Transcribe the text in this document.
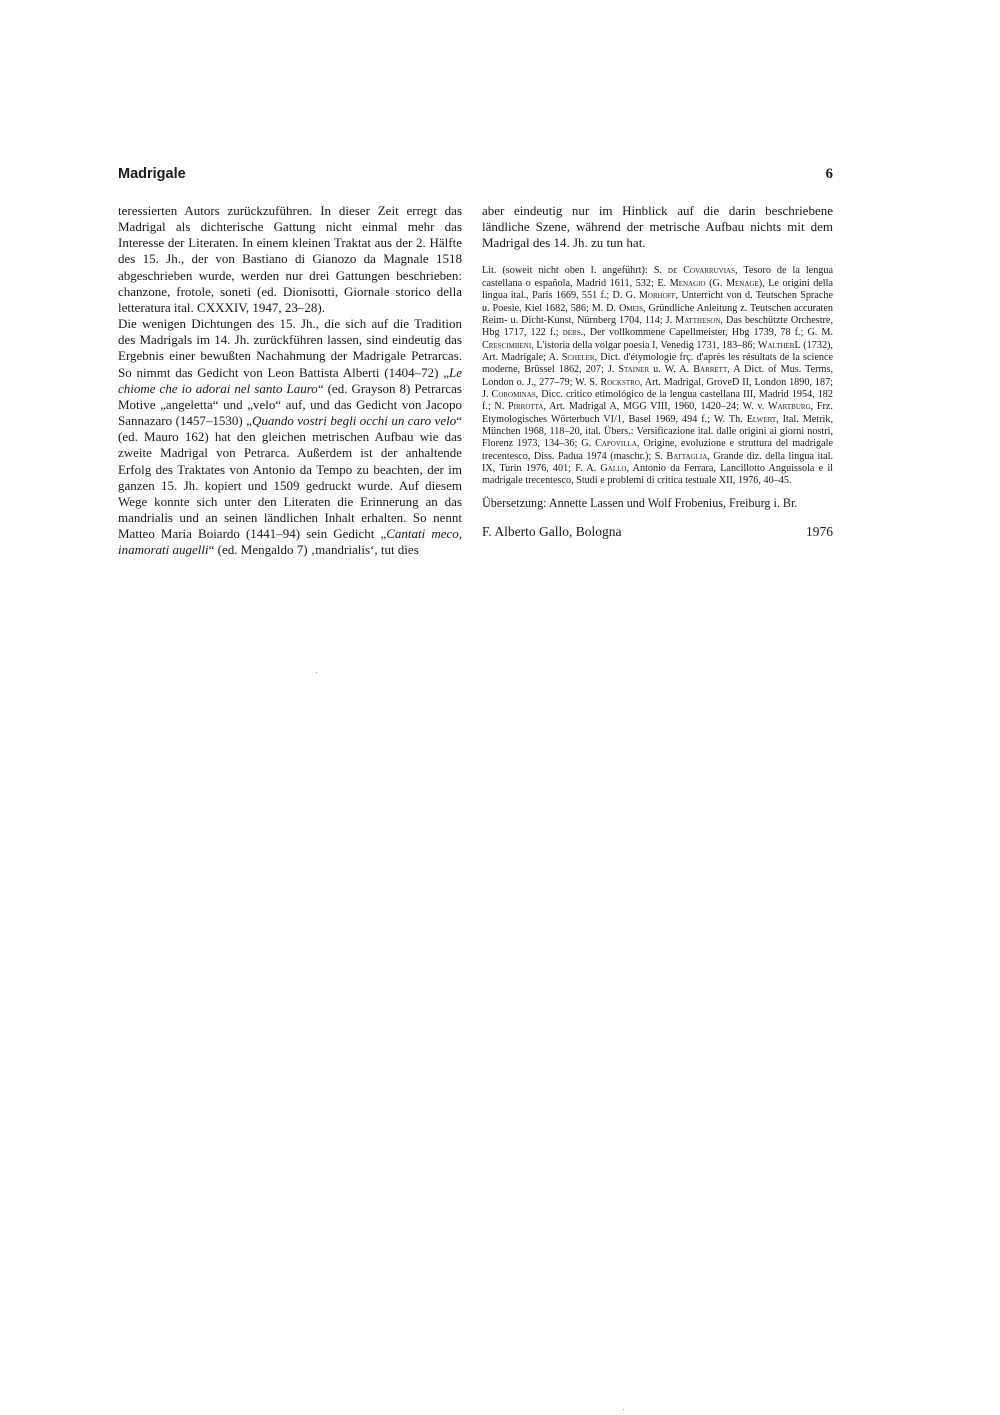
Madrigale	6

teressierten Autors zurückzuführen. In dieser Zeit erregt das Madrigal als dichterische Gattung nicht einmal mehr das Interesse der Literaten. In einem kleinen Traktat aus der 2. Hälfte des 15. Jh., der von Bastiano di Gianozo da Magnale 1518 abgeschrieben wurde, werden nur drei Gattungen beschrieben: chanzone, frotole, soneti (ed. Dionisotti, Giornale storico della letteratura ital. CXXXIV, 1947, 23–28).

Die wenigen Dichtungen des 15. Jh., die sich auf die Tradition des Madrigals im 14. Jh. zurückführen lassen, sind eindeutig das Ergebnis einer bewußten Nachahmung der Madrigale Petrarcas. So nimmt das Gedicht von Leon Battista Alberti (1404–72) „Le chiome che io adorai nel santo Lauro“ (ed. Grayson 8) Petrarcas Motive „angeletta“ und „velo“ auf, und das Gedicht von Jacopo Sannazaro (1457–1530) „Quando vostri begli occhi un caro velo“ (ed. Mauro 162) hat den gleichen metrischen Aufbau wie das zweite Madrigal von Petrarca. Außerdem ist der anhaltende Erfolg des Traktates von Antonio da Tempo zu beachten, der im ganzen 15. Jh. kopiert und 1509 gedruckt wurde. Auf diesem Wege konnte sich unter den Literaten die Erinnerung an das mandrialis und an seinen ländlichen Inhalt erhalten. So nennt Matteo Maria Boiardo (1441–94) sein Gedicht „Cantati meco, inamorati augelli“ (ed. Mengaldo 7) ‚mandrialis‘, tut dies

aber eindeutig nur im Hinblick auf die darin beschriebene ländliche Szene, während der metrische Aufbau nichts mit dem Madrigal des 14. Jh. zu tun hat.

Lit. (soweit nicht oben I. angeführt): S. de Covarruvias, Tesoro de la lengua castellana o española, Madrid 1611, 532; E. Menagio (G. Menage), Le origini della lingua ital., Paris 1669, 551 f.; D. G. Morhoff, Unterricht von d. Teutschen Sprache u. Poesie, Kiel 1682, 586; M. D. Omeis, Gründliche Anleitung z. Teutschen accuraten Reim- u. Dicht-Kunst, Nürnberg 1704, 114; J. Mattheson, Das beschützte Orchestre, Hbg 1717, 122 f.; ders., Der vollkommene Capellmeister, Hbg 1739, 78 f.; G. M. Crescimbeni, L'istoria della volgar poesia I, Venedig 1731, 183–86; WaltherL (1732), Art. Madrigale; A. Scheler, Dict. d'étymologie frç. d'après les résultats de la science moderne, Brüssel 1862, 207; J. Stainer u. W. A. Barrett, A Dict. of Mus. Terms, London o. J., 277–79; W. S. Rockstro, Art. Madrigal, GroveD II, London 1890, 187; J. Corominas, Dicc. critico etimológico de la lengua castellana III, Madrid 1954, 182 f.; N. Pirrotta, Art. Madrigal A, MGG VIII, 1960, 1420–24; W. v. Wartburg, Frz. Etymologisches Wörterbuch VI/1, Basel 1969, 494 f.; W. Th. Elwert, Ital. Metrik, München 1968, 118–20, ital. Übers.: Versificazione ital. dalle origini ai giorni nostri, Florenz 1973, 134–36; G. Capovilla, Origine, evoluzione e struttura del madrigale trecentesco, Diss. Padua 1974 (maschr.); S. Battaglia, Grande diz. della lingua ital. IX, Turin 1976, 401; F. A. Gallo, Antonio da Ferrara, Lancillotto Anguissola e il madrigale trecentesco, Studi e problemi di critica testuale XII, 1976, 40–45.

Übersetzung: Annette Lassen und Wolf Frobenius, Freiburg i. Br.

F. Alberto Gallo, Bologna	1976
